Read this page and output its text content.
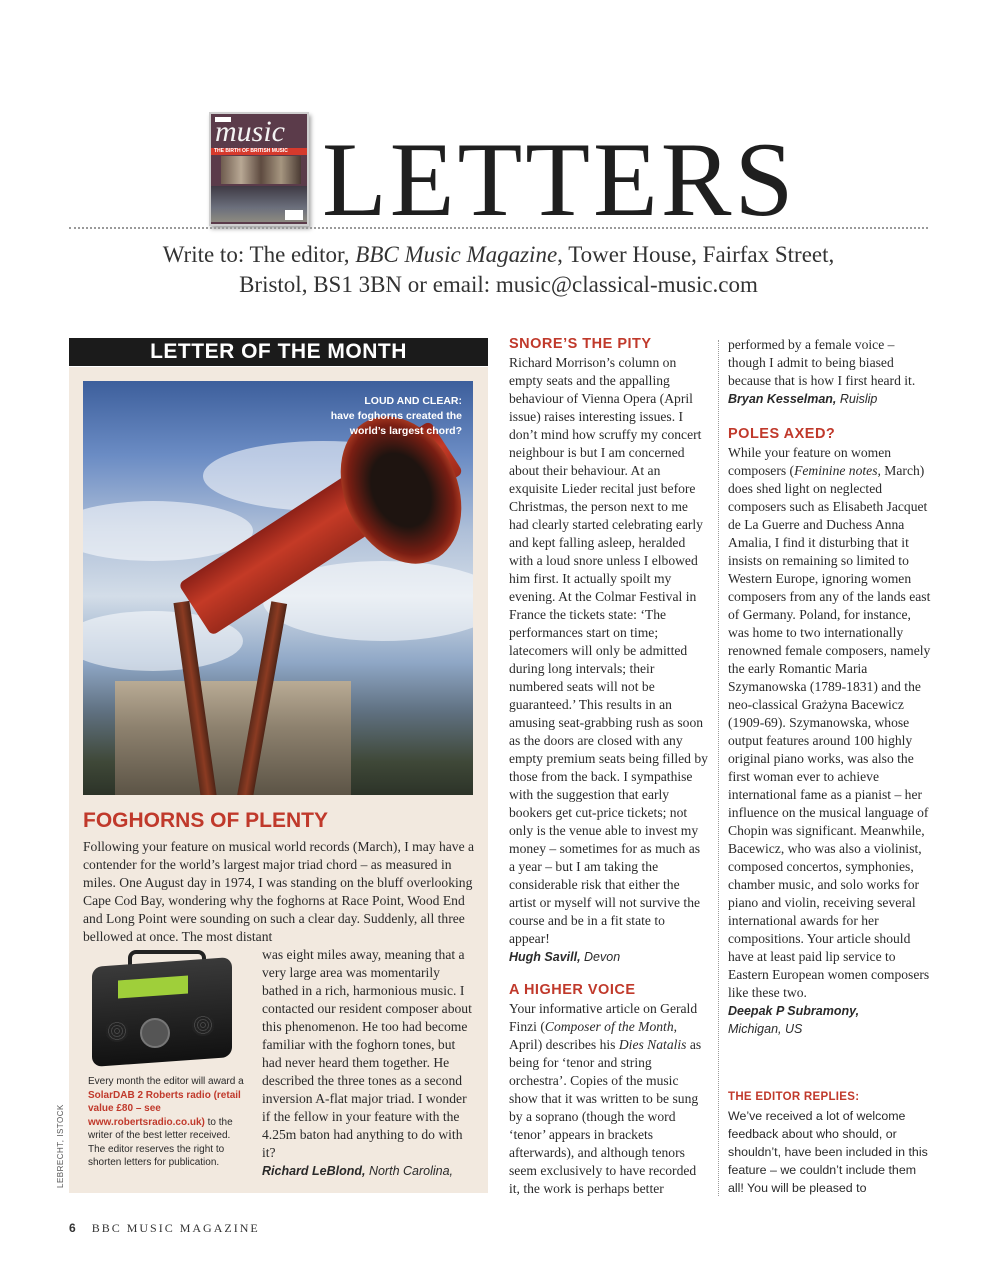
music
THE BIRTH OF BRITISH MUSIC LETTERS
Write to: The editor, BBC Music Magazine, Tower House, Fairfax Street,
Bristol, BS1 3BN or email: music@classical-music.com
LETTER OF THE MONTH
LOUD AND CLEAR:
have foghorns created the world’s largest chord?
FOGHORNS OF PLENTY
Following your feature on musical world records (March), I may have a contender for the world’s largest major triad chord – as measured in miles. One August day in 1974, I was standing on the bluff overlooking Cape Cod Bay, wondering why the foghorns at Race Point, Wood End and Long Point were sounding on such a clear day. Suddenly, all three bellowed at once. The most distant
was eight miles away, meaning that a very large area was momentarily bathed in a rich, harmonious music. I contacted our resident composer about this phenomenon. He too had become familiar with the foghorn tones, but had never heard them together. He described the three tones as a second inversion A-flat major triad. I wonder if the fellow in your feature with the 4.25m baton had anything to do with it?
Richard LeBlond, North Carolina,
Every month the editor will award a SolarDAB 2 Roberts radio (retail value £80 – see www.robertsradio.co.uk) to the writer of the best letter received. The editor reserves the right to shorten letters for publication.
LEBRECHT, ISTOCK
SNORE’S THE PITY
Richard Morrison’s column on empty seats and the appalling behaviour of Vienna Opera (April issue) raises interesting issues. I don’t mind how scruffy my concert neighbour is but I am concerned about their behaviour. At an exquisite Lieder recital just before Christmas, the person next to me had clearly started celebrating early and kept falling asleep, heralded with a loud snore unless I elbowed him first. It actually spoilt my evening. At the Colmar Festival in France the tickets state: ‘The performances start on time; latecomers will only be admitted during long intervals; their numbered seats will not be guaranteed.’ This results in an amusing seat-grabbing rush as soon as the doors are closed with any empty premium seats being filled by those from the back. I sympathise with the suggestion that early bookers get cut-price tickets; not only is the venue able to invest my money – sometimes for as much as a year – but I am taking the considerable risk that either the artist or myself will not survive the course and be in a fit state to appear!
Hugh Savill, Devon
A HIGHER VOICE
Your informative article on Gerald Finzi (Composer of the Month, April) describes his Dies Natalis as being for ‘tenor and string orchestra’. Copies of the music show that it was written to be sung by a soprano (though the word ‘tenor’ appears in brackets afterwards), and although tenors seem exclusively to have recorded it, the work is perhaps better
performed by a female voice – though I admit to being biased because that is how I first heard it.
Bryan Kesselman, Ruislip
POLES AXED?
While your feature on women composers (Feminine notes, March) does shed light on neglected composers such as Elisabeth Jacquet de La Guerre and Duchess Anna Amalia, I find it disturbing that it insists on remaining so limited to Western Europe, ignoring women composers from any of the lands east of Germany. Poland, for instance, was home to two internationally renowned female composers, namely the early Romantic Maria Szymanowska (1789-1831) and the neo-classical Grażyna Bacewicz (1909-69). Szymanowska, whose output features around 100 highly original piano works, was also the first woman ever to achieve international fame as a pianist – her influence on the musical language of Chopin was significant. Meanwhile, Bacewicz, who was also a violinist, composed concertos, symphonies, chamber music, and solo works for piano and violin, receiving several international awards for her compositions. Your article should have at least paid lip service to Eastern European women composers like these two.
Deepak P Subramony,
Michigan, US
THE EDITOR REPLIES:
We’ve received a lot of welcome feedback about who should, or shouldn’t, have been included in this feature – we couldn’t include them all! You will be pleased to
6 BBC MUSIC MAGAZINE
